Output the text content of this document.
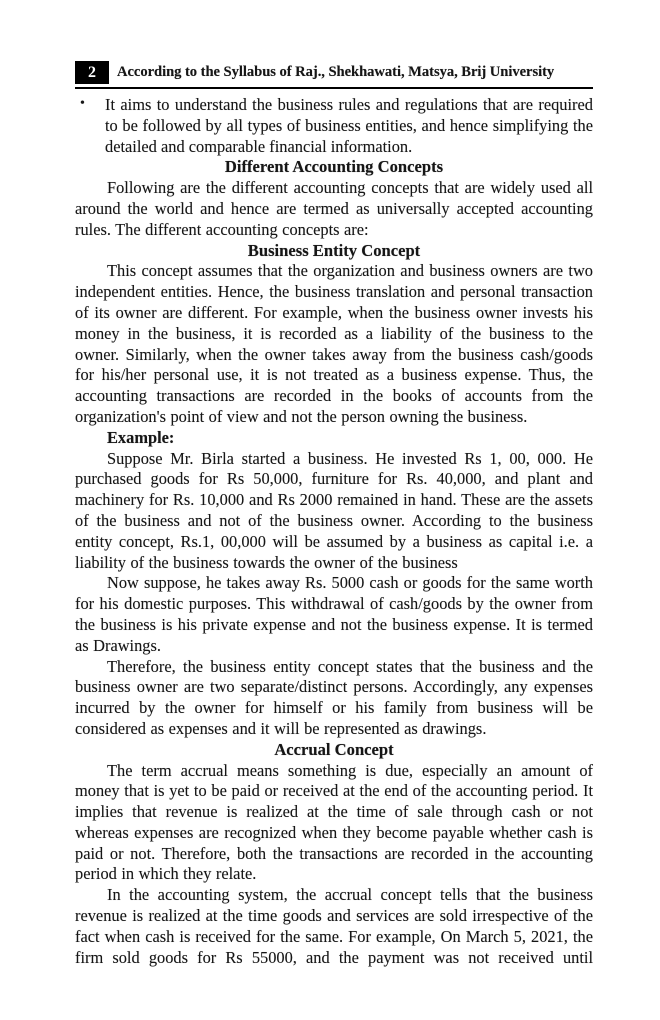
2	According to the Syllabus of Raj., Shekhawati, Matsya, Brij University
• It aims to understand the business rules and regulations that are required to be followed by all types of business entities, and hence simplifying the detailed and comparable financial information.

Different Accounting Concepts

Following are the different accounting concepts that are widely used all around the world and hence are termed as universally accepted accounting rules. The different accounting concepts are:

Business Entity Concept

This concept assumes that the organization and business owners are two independent entities. Hence, the business translation and personal transaction of its owner are different. For example, when the business owner invests his money in the business, it is recorded as a liability of the business to the owner. Similarly, when the owner takes away from the business cash/goods for his/her personal use, it is not treated as a business expense. Thus, the accounting transactions are recorded in the books of accounts from the organization's point of view and not the person owning the business.

Example:

Suppose Mr. Birla started a business. He invested Rs 1, 00, 000. He purchased goods for Rs 50,000, furniture for Rs. 40,000, and plant and machinery for Rs. 10,000 and Rs 2000 remained in hand. These are the assets of the business and not of the business owner. According to the business entity concept, Rs.1, 00,000 will be assumed by a business as capital i.e. a liability of the business towards the owner of the business

Now suppose, he takes away Rs. 5000 cash or goods for the same worth for his domestic purposes. This withdrawal of cash/goods by the owner from the business is his private expense and not the business expense. It is termed as Drawings.

Therefore, the business entity concept states that the business and the business owner are two separate/distinct persons. Accordingly, any expenses incurred by the owner for himself or his family from business will be considered as expenses and it will be represented as drawings.

Accrual Concept

The term accrual means something is due, especially an amount of money that is yet to be paid or received at the end of the accounting period. It implies that revenue is realized at the time of sale through cash or not whereas expenses are recognized when they become payable whether cash is paid or not. Therefore, both the transactions are recorded in the accounting period in which they relate.

In the accounting system, the accrual concept tells that the business revenue is realized at the time goods and services are sold irrespective of the fact when cash is received for the same. For example, On March 5, 2021, the firm sold goods for Rs 55000, and the payment was not received until
